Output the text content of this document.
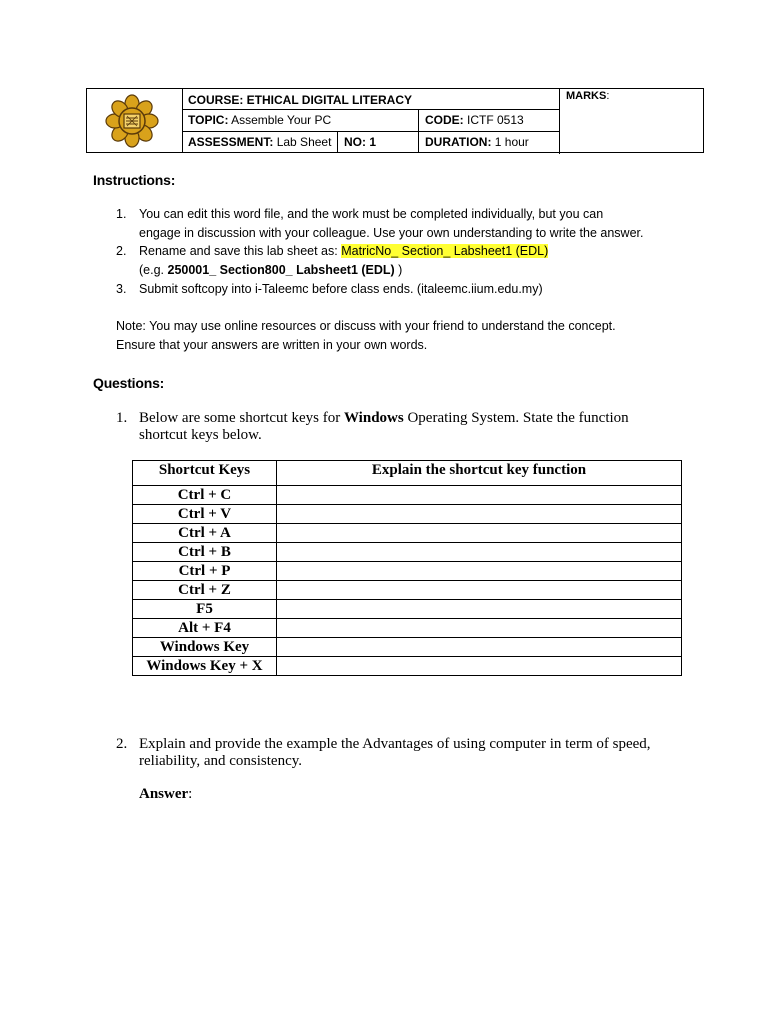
COURSE: ETHICAL DIGITAL LITERACY
TOPIC: Assemble Your PC	CODE: ICTF 0513
ASSESSMENT: Lab Sheet NO: 1	DURATION: 1 hour
MARKS:
Instructions:
1. You can edit this word file, and the work must be completed individually, but you can
engage in discussion with your colleague. Use your own understanding to write the answer.
2. Rename and save this lab sheet as: MatricNo_ Section_ Labsheet1 (EDL)
(e.g. 250001_ Section800_ Labsheet1 (EDL) )
3. Submit softcopy into i-Taleemc before class ends. (italeemc.iium.edu.my)
Note: You may use online resources or discuss with your friend to understand the concept.
Ensure that your answers are written in your own words.
Questions:
1. Below are some shortcut keys for Windows Operating System. State the function
shortcut keys below.
Shortcut Keys	Explain the shortcut key function
Ctrl + C	
Ctrl + V	
Ctrl + A	
Ctrl + B	
Ctrl + P	
Ctrl + Z	
F5	
Alt + F4	
Windows Key	
Windows Key + X	
2. Explain and provide the example the Advantages of using computer in term of speed,
reliability, and consistency.
Answer:
